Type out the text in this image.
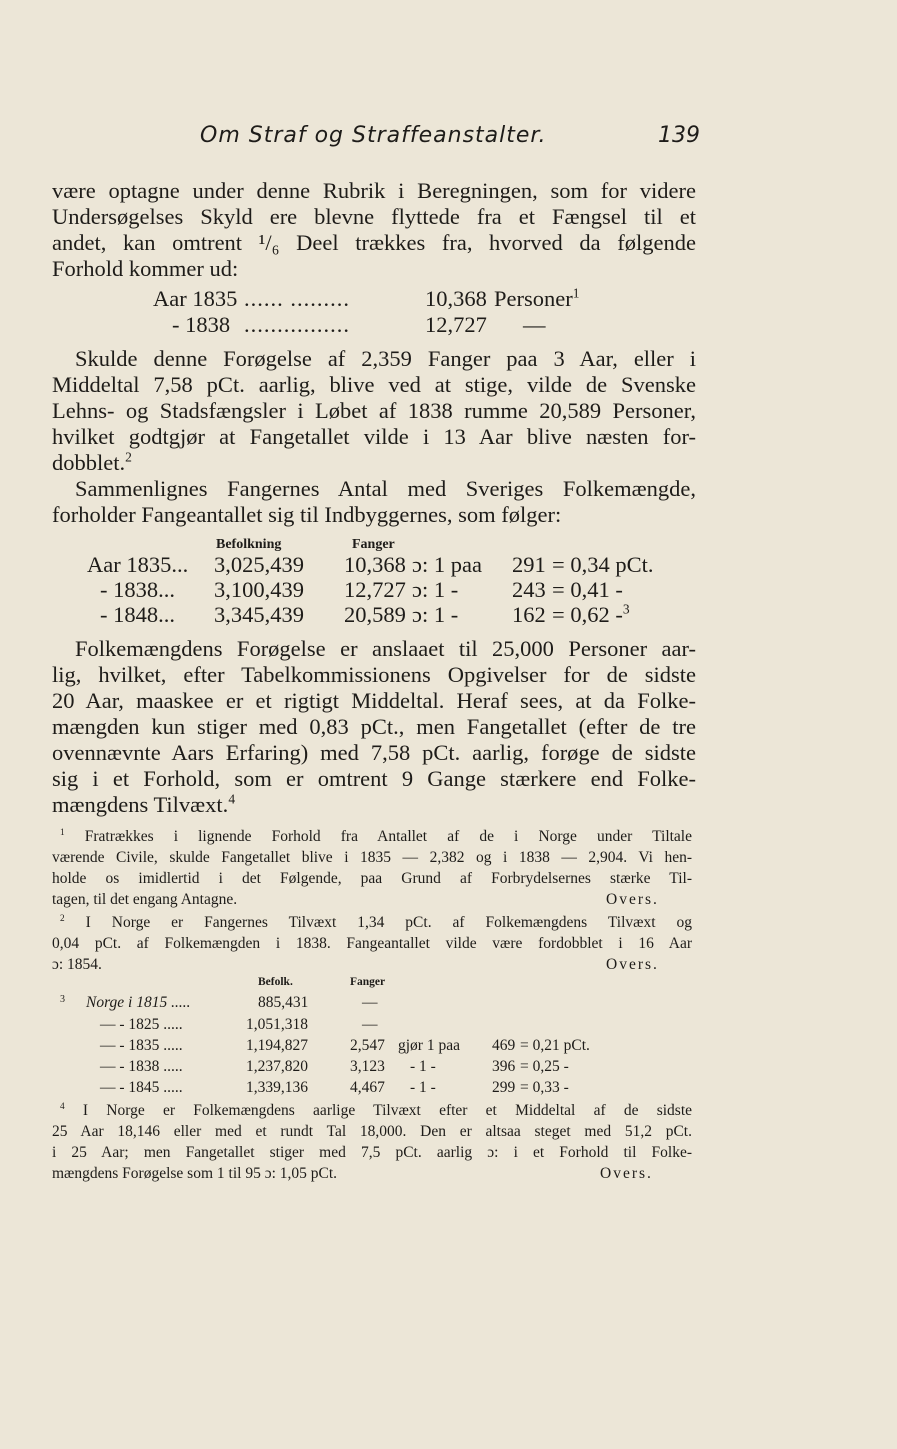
Om Straf og Straffeanstalter.	139
være optagne under denne Rubrik i Beregningen, som for videre
Undersøgelses Skyld ere blevne flyttede fra et Fængsel til et
andet, kan omtrent ¹/₆ Deel trækkes fra, hvorved da følgende
Forhold kommer ud:
Aar 1835 ...... .........	10,368 Personer$^1$
- 1838 ................	12,727 —
Skulde denne Forøgelse af 2,359 Fanger paa 3 Aar, eller i
Middeltal 7,58 pCt. aarlig, blive ved at stige, vilde de Svenske
Lehns- og Stadsfængsler i Løbet af 1838 rumme 20,589 Personer,
hvilket godtgjør at Fangetallet vilde i 13 Aar blive næsten for-
dobblet.$^2$
Sammenlignes Fangernes Antal med Sveriges Folkemængde,
forholder Fangeantallet sig til Indbyggernes, som følger:
Befolkning	Fanger
Aar 1835... 3,025,439 10,368 ɔ: 1 paa 291 = 0,34 pCt.
- 1838... 3,100,439 12,727 ɔ: 1 - 243 = 0,41 -
- 1848... 3,345,439 20,589 ɔ: 1 - 162 = 0,62 -$^3$
Folkemængdens Forøgelse er anslaaet til 25,000 Personer aar-
lig, hvilket, efter Tabelkommissionens Opgivelser for de sidste
20 Aar, maaskee er et rigtigt Middeltal. Heraf sees, at da Folke-
mængden kun stiger med 0,83 pCt., men Fangetallet (efter de tre
ovennævnte Aars Erfaring) med 7,58 pCt. aarlig, forøge de sidste
sig i et Forhold, som er omtrent 9 Gange stærkere end Folke-
mængdens Tilvæxt.$^4$
$^1$ Fratrækkes i lignende Forhold fra Antallet af de i Norge under Tiltale
værende Civile, skulde Fangetallet blive i 1835 — 2,382 og i 1838 — 2,904. Vi hen-
holde os imidlertid i det Følgende, paa Grund af Forbrydelsernes stærke Til-
tagen, til det engang Antagne.	Overs.
$^2$ I Norge er Fangernes Tilvæxt 1,34 pCt. af Folkemængdens Tilvæxt og
0,04 pCt. af Folkemængden i 1838. Fangeantallet vilde være fordobblet i 16 Aar
ɔ: 1854.	Overs.
Befolk.	Fanger
3 Norge i 1815 .....	885,431	—
— - 1825 .....	1,051,318	—
— - 1835 .....	1,194,827	2,547 gjør 1 paa 469 = 0,21 pCt.
— - 1838 .....	1,237,820	3,123 - 1 -	396 = 0,25 -
— - 1845 .....	1,339,136	4,467 - 1 -	299 = 0,33 -
$^4$ I Norge er Folkemængdens aarlige Tilvæxt efter et Middeltal af de sidste
25 Aar 18,146 eller med et rundt Tal 18,000. Den er altsaa steget med 51,2 pCt.
i 25 Aar; men Fangetallet stiger med 7,5 pCt. aarlig ɔ: i et Forhold til Folke-
mængdens Forøgelse som 1 til 95 ɔ: 1,05 pCt.	Overs.
